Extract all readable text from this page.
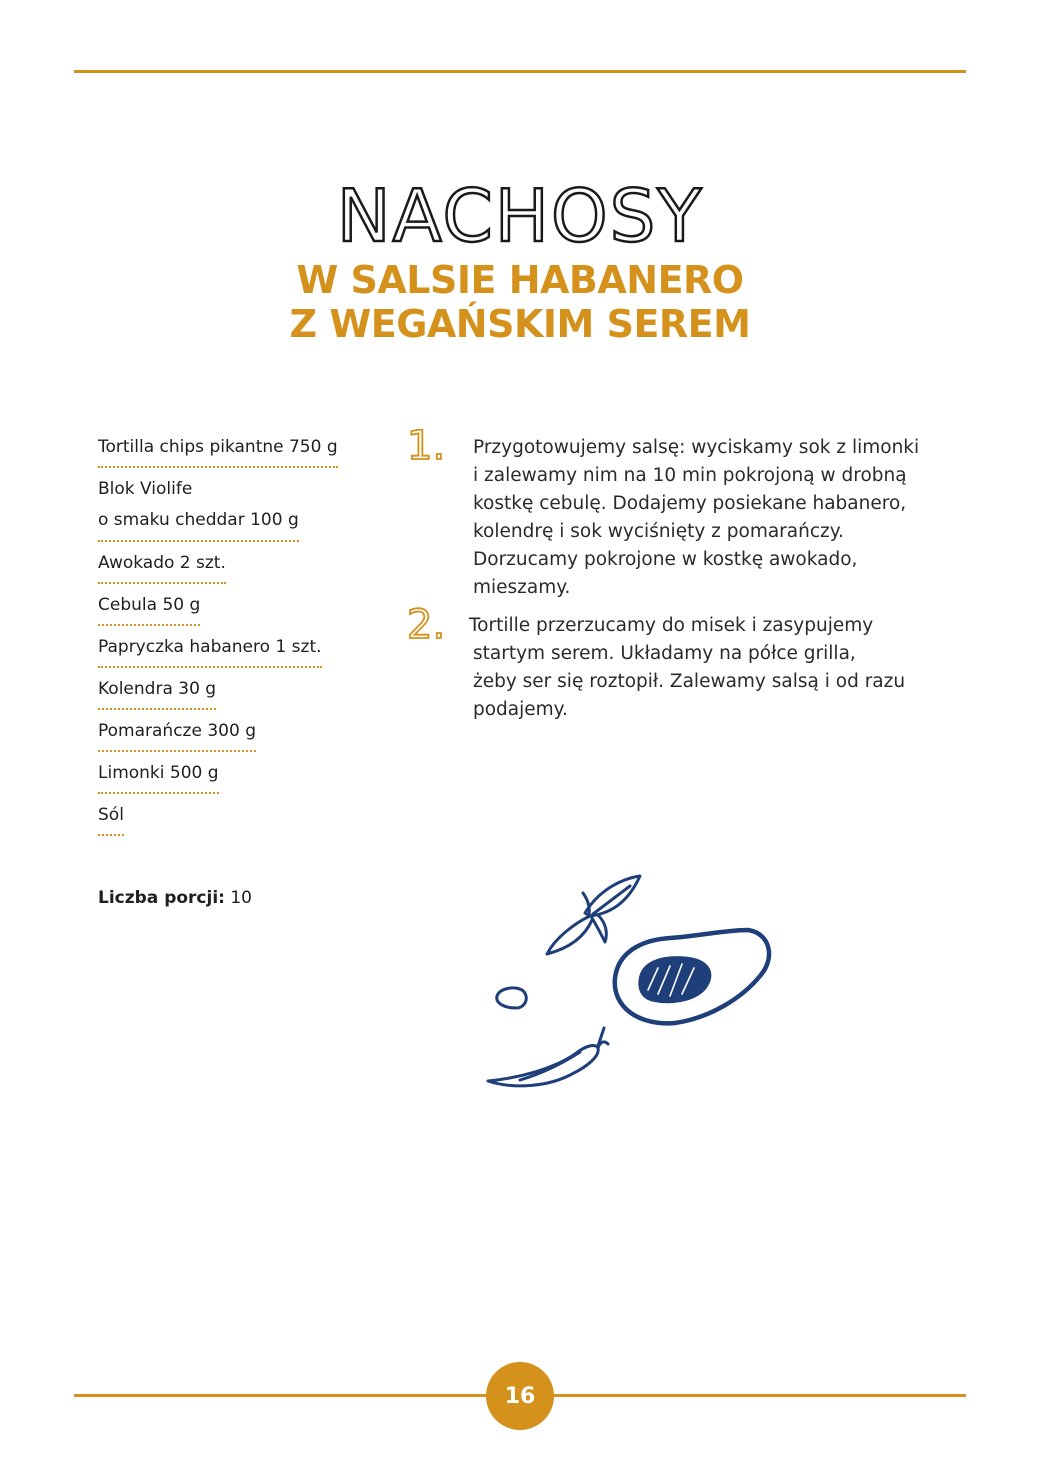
NACHOSY
W SALSIE HABANERO
Z WEGAŃSKIM SEREM
Tortilla chips pikantne 750 g
Blok Violife
o smaku cheddar 100 g
Awokado 2 szt.
Cebula 50 g
Papryczka habanero 1 szt.
Kolendra 30 g
Pomarańcze 300 g
Limonki 500 g
Sól
Liczba porcji: 10
1. Przygotowujemy salsę: wyciskamy sok z limonki
i zalewamy nim na 10 min pokrojoną w drobną
kostkę cebulę. Dodajemy posiekane habanero,
kolendrę i sok wyciśnięty z pomarańczy.
Dorzucamy pokrojone w kostkę awokado,
mieszamy.
2. Tortille przerzucamy do misek i zasypujemy
startym serem. Układamy na półce grilla,
żeby ser się roztopił. Zalewamy salsą i od razu
podajemy.
16
